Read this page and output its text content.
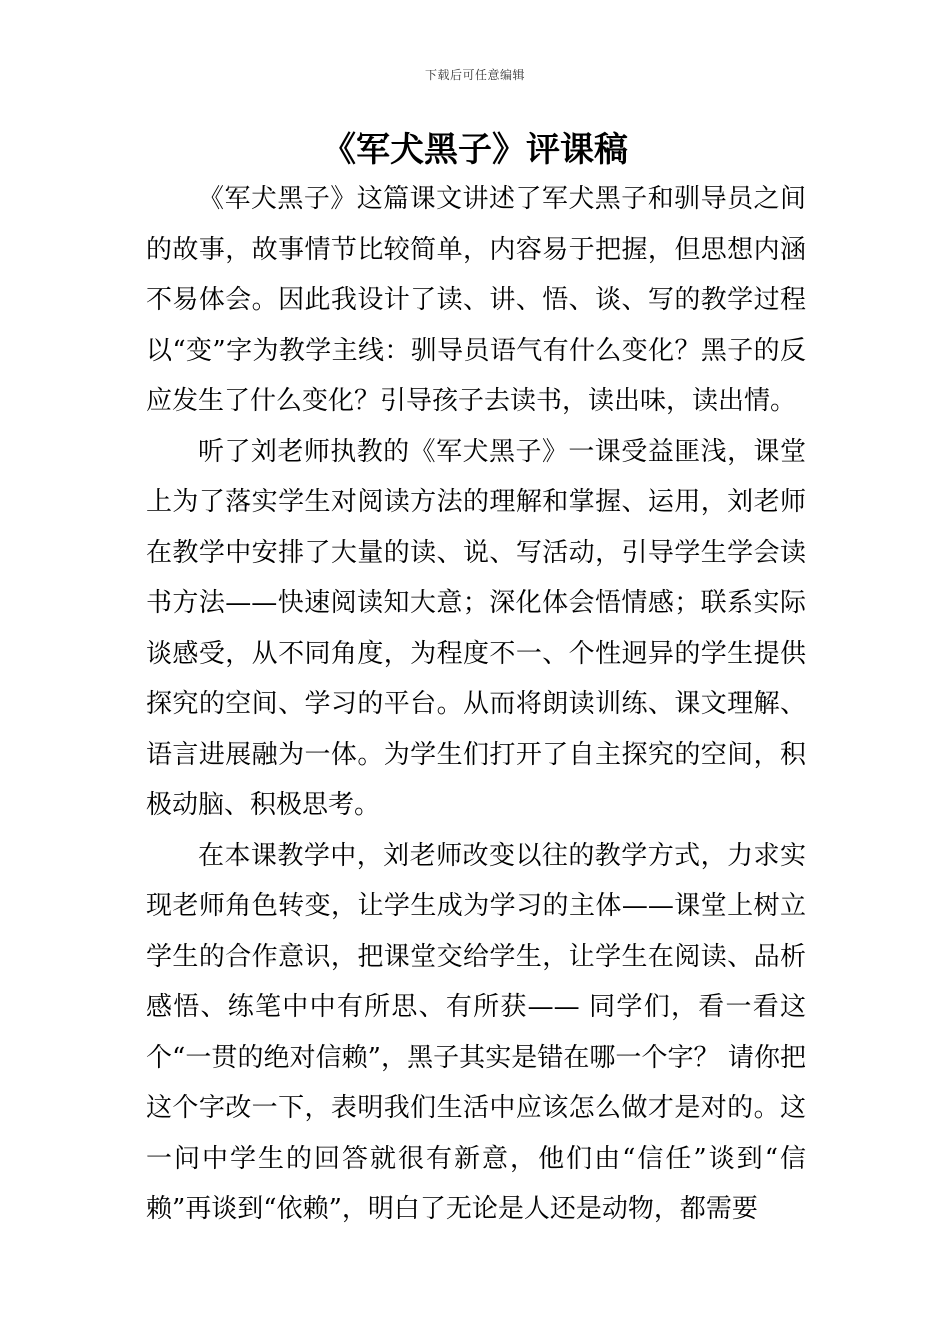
下载后可任意编辑
《军犬黑子》评课稿

《军犬黑子》这篇课文讲述了军犬黑子和驯导员之间的故事，故事情节比较简单，内容易于把握，但思想内涵不易体会。因此我设计了读、讲、悟、谈、写的教学过程以“变”字为教学主线：驯导员语气有什么变化？黑子的反应发生了什么变化？引导孩子去读书，读出味，读出情。

听了刘老师执教的《军犬黑子》一课受益匪浅，课堂上为了落实学生对阅读方法的理解和掌握、运用，刘老师在教学中安排了大量的读、说、写活动，引导学生学会读书方法——快速阅读知大意；深化体会悟情感；联系实际谈感受，从不同角度，为程度不一、个性迥异的学生提供探究的空间、学习的平台。从而将朗读训练、课文理解、语言进展融为一体。为学生们打开了自主探究的空间，积极动脑、积极思考。

在本课教学中，刘老师改变以往的教学方式，力求实现老师角色转变，让学生成为学习的主体——课堂上树立学生的合作意识，把课堂交给学生，让学生在阅读、品析感悟、练笔中中有所思、有所获—— 同学们，看一看这个“一贯的绝对信赖”，黑子其实是错在哪一个字？ 请你把这个字改一下，表明我们生活中应该怎么做才是对的。这一问中学生的回答就很有新意，他们由“信任”谈到“信赖”再谈到“依赖”，明白了无论是人还是动物，都需要
